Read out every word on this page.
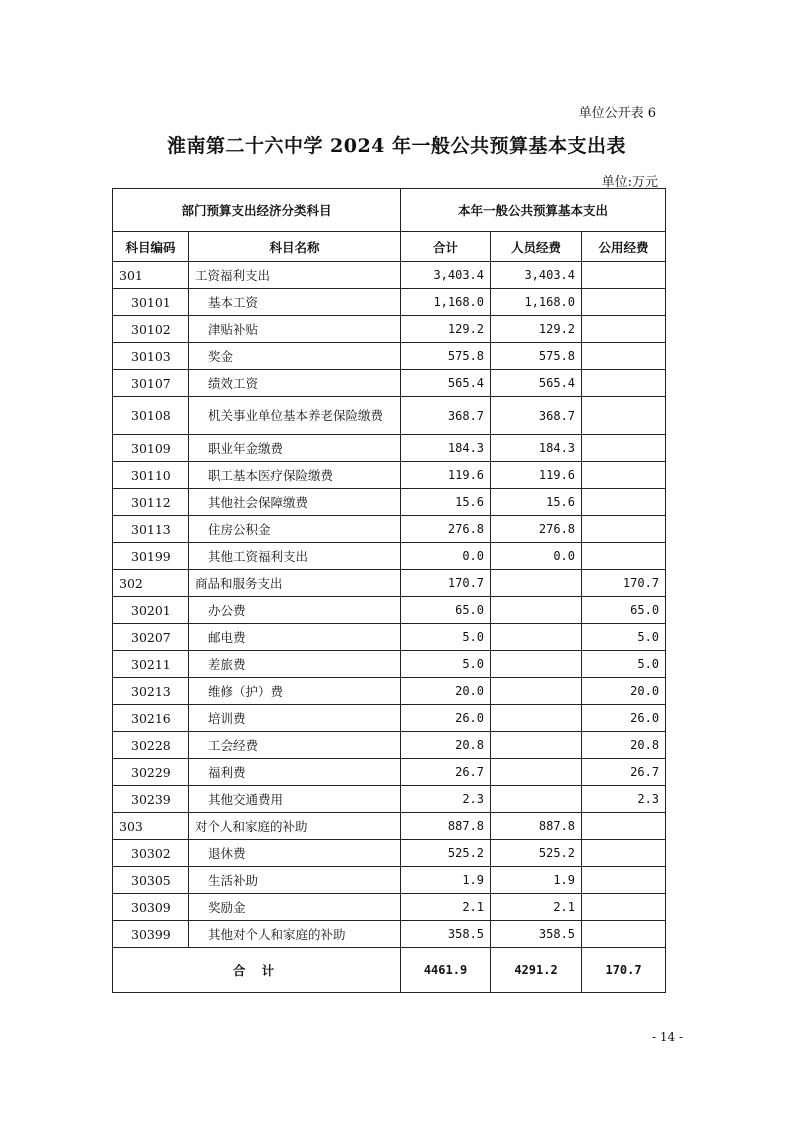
单位公开表 6
淮南第二十六中学 2024 年一般公共预算基本支出表
单位:万元
部门预算支出经济分类科目		本年一般公共预算基本支出		
科目编码	科目名称	合计	人员经费	公用经费
301	工资福利支出	3,403.4	3,403.4	
30101	基本工资	1,168.0	1,168.0	
30102	津贴补贴	129.2	129.2	
30103	奖金	575.8	575.8	
30107	绩效工资	565.4	565.4	
30108	机关事业单位基本养老保险缴费	368.7	368.7	
30109	职业年金缴费	184.3	184.3	
30110	职工基本医疗保险缴费	119.6	119.6	
30112	其他社会保障缴费	15.6	15.6	
30113	住房公积金	276.8	276.8	
30199	其他工资福利支出	0.0	0.0	
302	商品和服务支出	170.7		170.7
30201	办公费	65.0		65.0
30207	邮电费	5.0		5.0
30211	差旅费	5.0		5.0
30213	维修（护）费	20.0		20.0
30216	培训费	26.0		26.0
30228	工会经费	20.8		20.8
30229	福利费	26.7		26.7
30239	其他交通费用	2.3		2.3
303	对个人和家庭的补助	887.8	887.8	
30302	退休费	525.2	525.2	
30305	生活补助	1.9	1.9	
30309	奖励金	2.1	2.1	
30399	其他对个人和家庭的补助	358.5	358.5	
合 计		4461.9	4291.2	170.7
- 14 -
